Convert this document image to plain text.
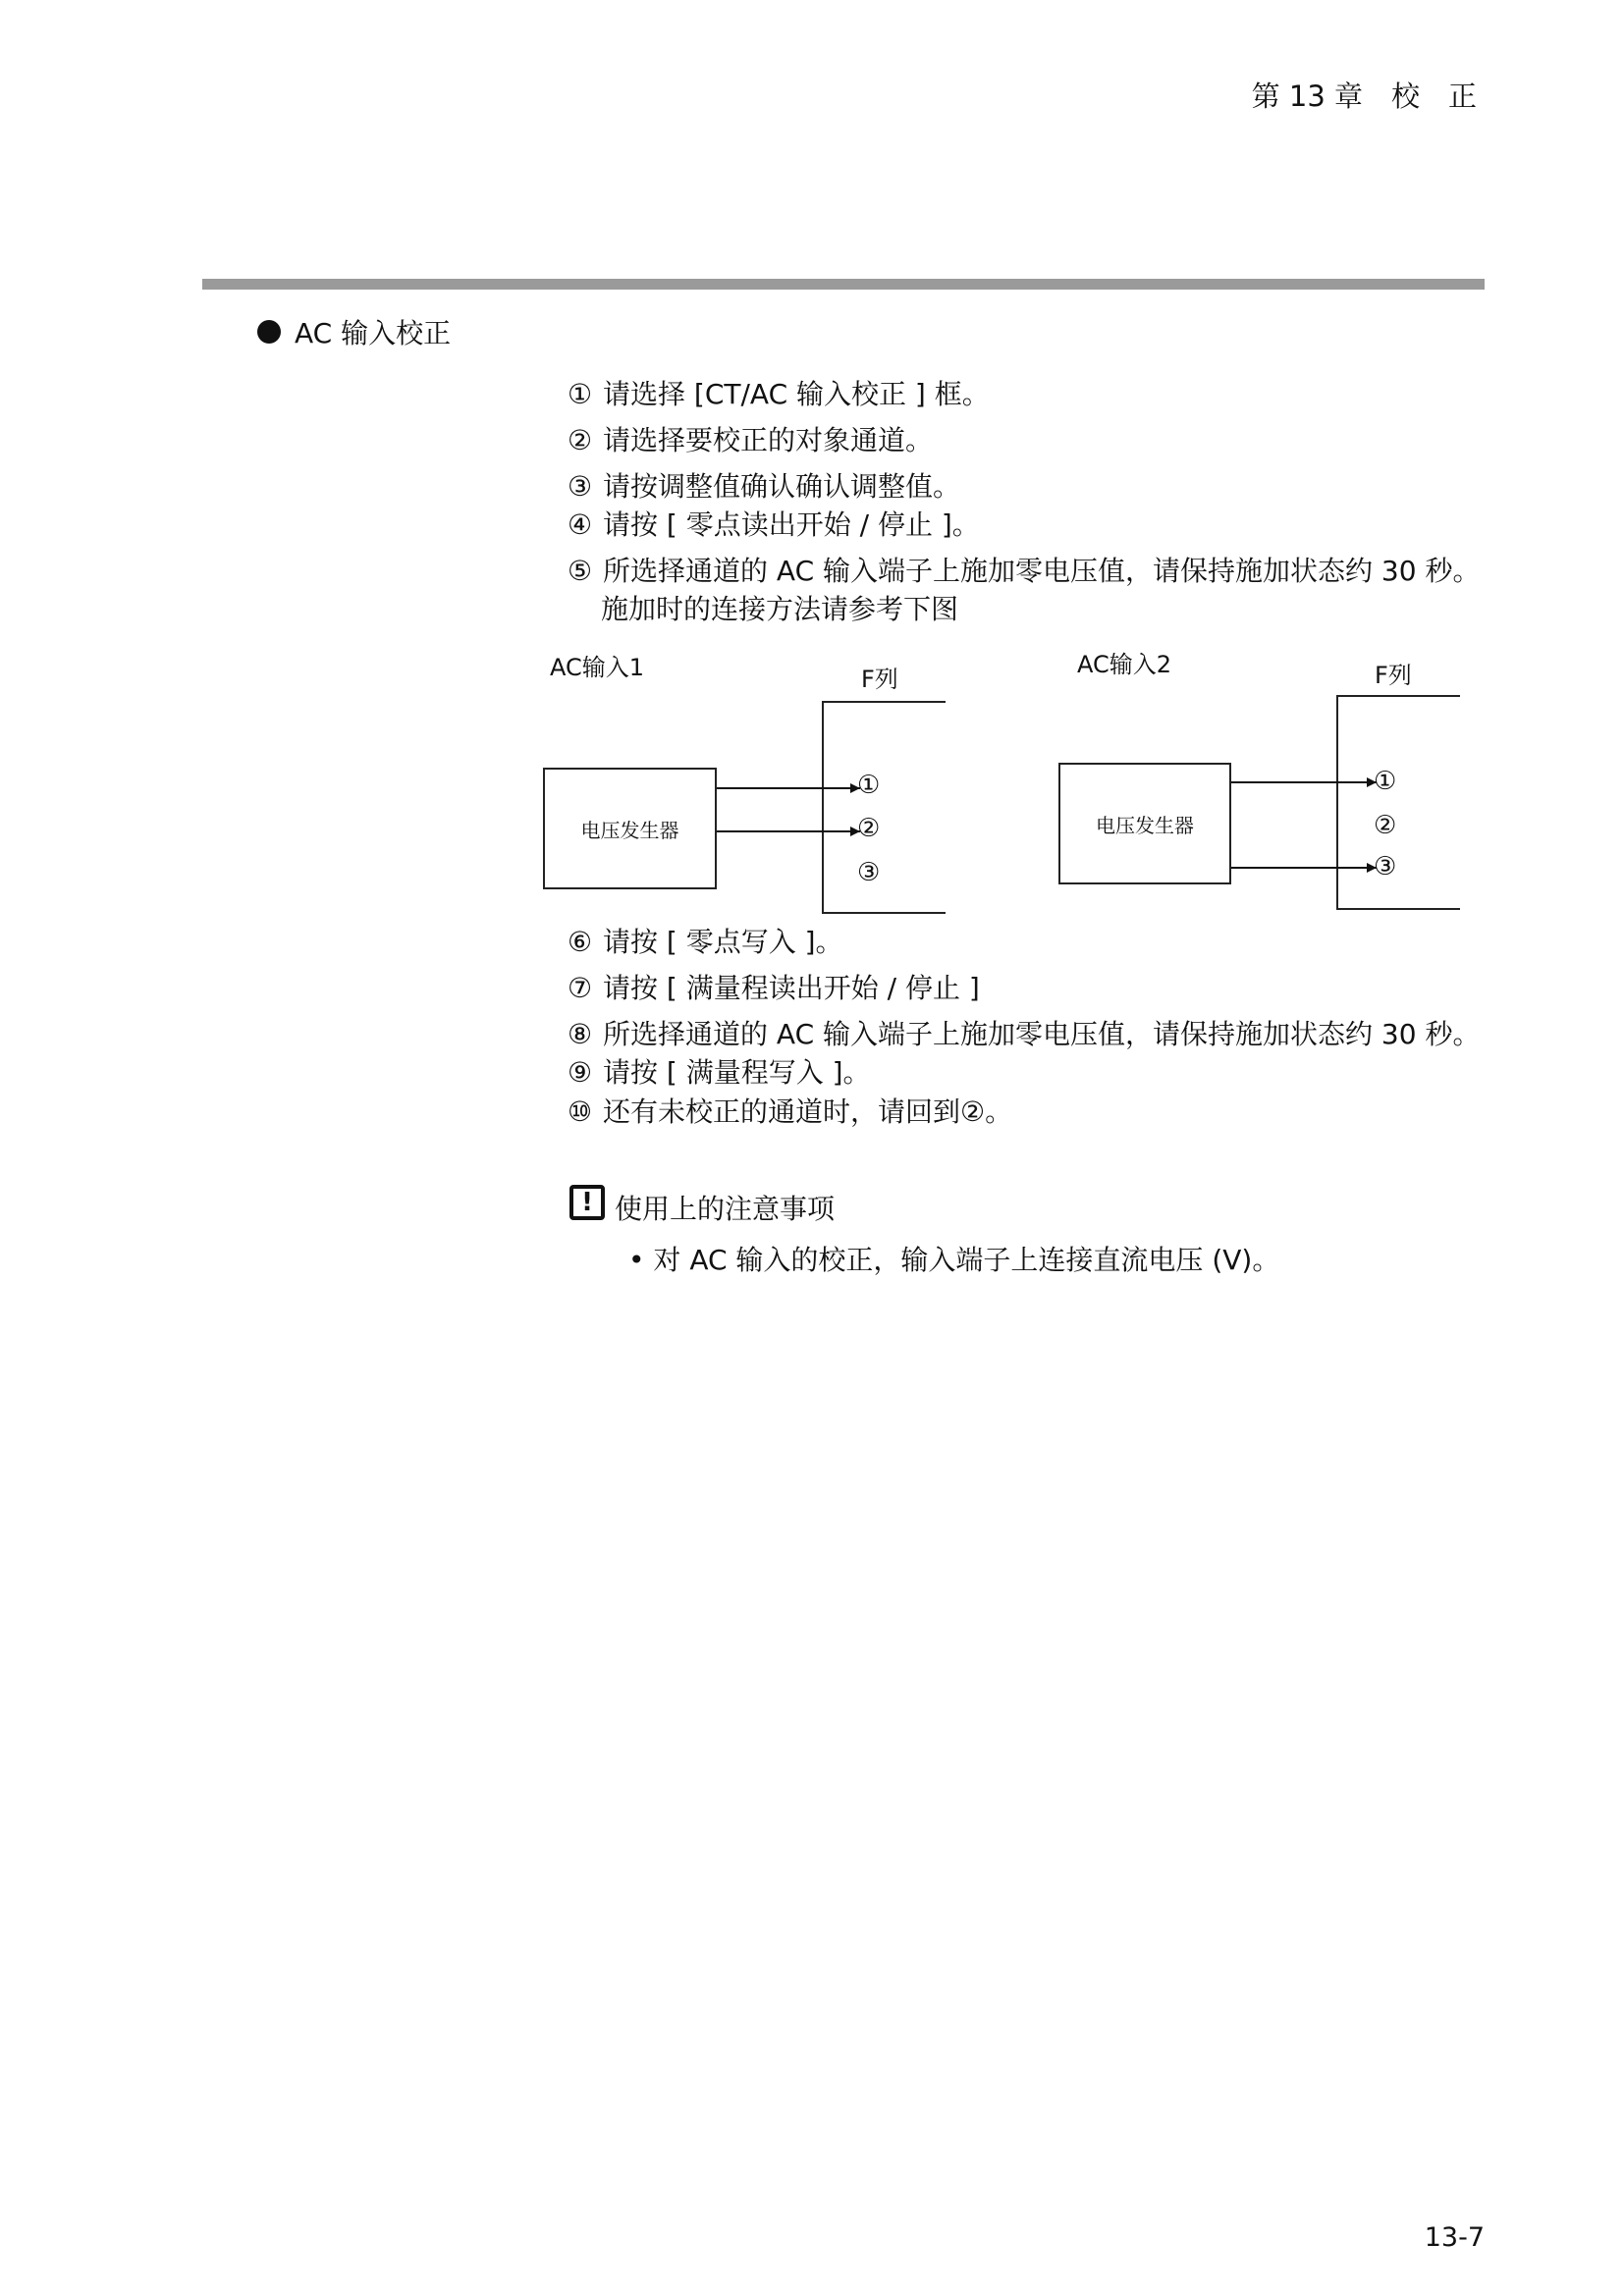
第 13 章　校　正
AC 输入校正
① 请选择 [CT/AC 输入校正 ] 框。
② 请选择要校正的对象通道。
③ 请按调整值确认确认调整值。
④ 请按 [ 零点读出开始 / 停止 ]。
⑤ 所选择通道的 AC 输入端子上施加零电压值，请保持施加状态约 30 秒。
施加时的连接方法请参考下图
AC输入1	F列
电压发生器
①
②
③
AC输入2	F列
电压发生器
①
②
③
⑥ 请按 [ 零点写入 ]。
⑦ 请按 [ 满量程读出开始 / 停止 ]
⑧ 所选择通道的 AC 输入端子上施加零电压值，请保持施加状态约 30 秒。
⑨ 请按 [ 满量程写入 ]。
⑩ 还有未校正的通道时，请回到②。
! 使用上的注意事项
• 对 AC 输入的校正，输入端子上连接直流电压 (V)。
13-7
